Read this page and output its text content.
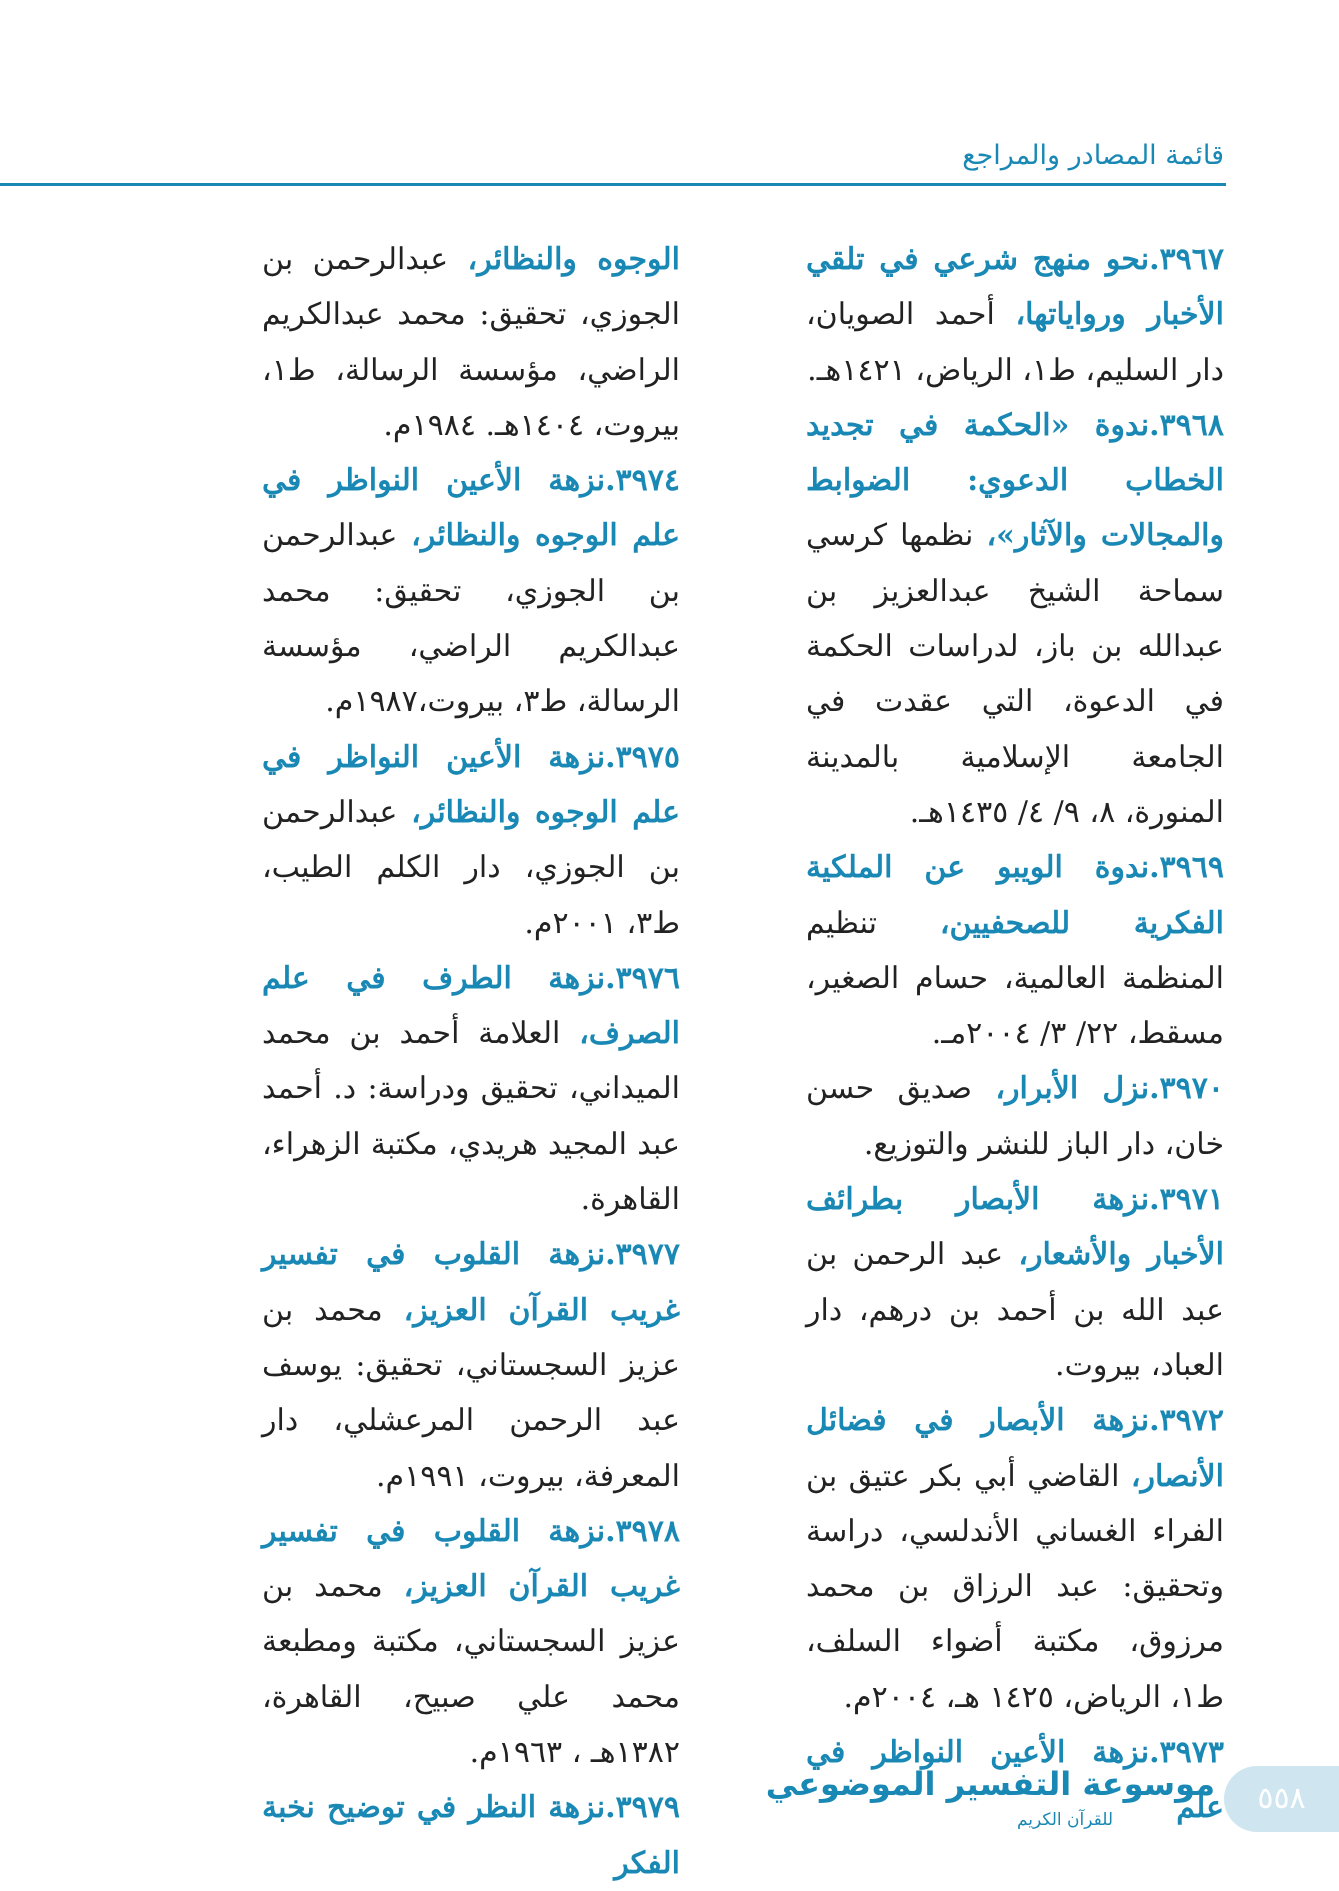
قائمة المصادر والمراجع

٣٩٦٧.نحو منهج شرعي في تلقي الأخبار ورواياتها، أحمد الصويان، دار السليم، ط١، الرياض، ١٤٢١هـ.

٣٩٦٨.ندوة «الحكمة في تجديد الخطاب الدعوي: الضوابط والمجالات والآثار»، نظمها كرسي سماحة الشيخ عبدالعزيز بن عبدالله بن باز، لدراسات الحكمة في الدعوة، التي عقدت في الجامعة الإسلامية بالمدينة المنورة، ٨، ٩/ ٤/ ١٤٣٥هـ.

٣٩٦٩.ندوة الويبو عن الملكية الفكرية للصحفيين، تنظيم المنظمة العالمية، حسام الصغير، مسقط، ٢٢/ ٣/ ٢٠٠٤مـ.

٣٩٧٠.نزل الأبرار، صديق حسن خان، دار الباز للنشر والتوزيع.

٣٩٧١.نزهة الأبصار بطرائف الأخبار والأشعار، عبد الرحمن بن عبد الله بن أحمد بن درهم، دار العباد، بيروت.

٣٩٧٢.نزهة الأبصار في فضائل الأنصار، القاضي أبي بكر عتيق بن الفراء الغساني الأندلسي، دراسة وتحقيق: عبد الرزاق بن محمد مرزوق، مكتبة أضواء السلف، ط١، الرياض، ١٤٢٥ هـ، ٢٠٠٤م.

٣٩٧٣.نزهة الأعين النواظر في علم

الوجوه والنظائر، عبدالرحمن بن الجوزي، تحقيق: محمد عبدالكريم الراضي، مؤسسة الرسالة، ط١، بيروت، ١٤٠٤هـ. ١٩٨٤م.

٣٩٧٤.نزهة الأعين النواظر في علم الوجوه والنظائر، عبدالرحمن بن الجوزي، تحقيق: محمد عبدالكريم الراضي، مؤسسة الرسالة، ط٣، بيروت،١٩٨٧م.

٣٩٧٥.نزهة الأعين النواظر في علم الوجوه والنظائر، عبدالرحمن بن الجوزي، دار الكلم الطيب، ط٣، ٢٠٠١م.

٣٩٧٦.نزهة الطرف في علم الصرف، العلامة أحمد بن محمد الميداني، تحقيق ودراسة: د. أحمد عبد المجيد هريدي، مكتبة الزهراء، القاهرة.

٣٩٧٧.نزهة القلوب في تفسير غريب القرآن العزيز، محمد بن عزيز السجستاني، تحقيق: يوسف عبد الرحمن المرعشلي، دار المعرفة، بيروت، ١٩٩١م.

٣٩٧٨.نزهة القلوب في تفسير غريب القرآن العزيز، محمد بن عزيز السجستاني، مكتبة ومطبعة محمد علي صبيح، القاهرة، ١٣٨٢هـ ، ١٩٦٣م.

٣٩٧٩.نزهة النظر في توضيح نخبة الفكر

موسوعة التفسير الموضوعي
للقرآن الكريم
٥٥٨
